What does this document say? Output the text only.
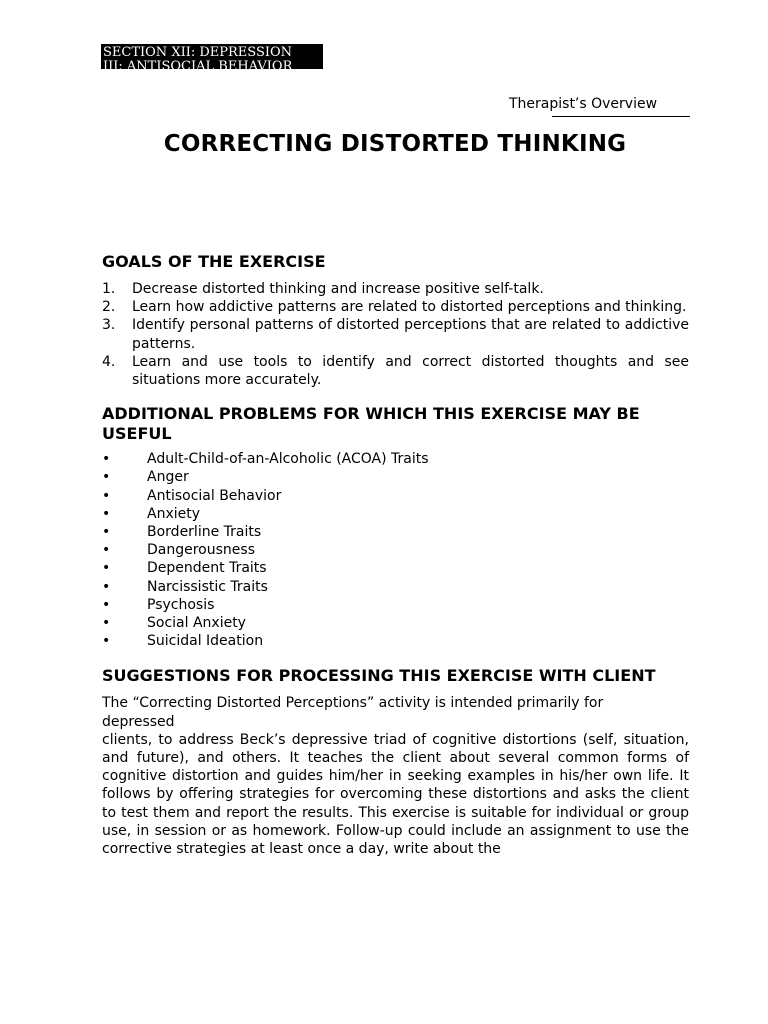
SECTION XII: DEPRESSION
III: ANTISOCIAL BEHAVIOR
Therapist’s Overview
CORRECTING DISTORTED THINKING
GOALS OF THE EXERCISE
1.	Decrease distorted thinking and increase positive self-talk.
2.	Learn how addictive patterns are related to distorted perceptions and thinking.
3.	Identify personal patterns of distorted perceptions that are related to addictive patterns.
4.	Learn and use tools to identify and correct distorted thoughts and see situations more accurately.
ADDITIONAL PROBLEMS FOR WHICH THIS EXERCISE MAY BE USEFUL
•	Adult-Child-of-an-Alcoholic (ACOA) Traits
•	Anger
•	Antisocial Behavior
•	Anxiety
•	Borderline Traits
•	Dangerousness
•	Dependent Traits
•	Narcissistic Traits
•	Psychosis
•	Social Anxiety
•	Suicidal Ideation
SUGGESTIONS FOR PROCESSING THIS EXERCISE WITH CLIENT

The “Correcting Distorted Perceptions” activity is intended primarily for
depressed
clients, to address Beck’s depressive triad of cognitive distortions (self, situation, and future), and others. It teaches the client about several common forms of cognitive distortion and guides him/her in seeking examples in his/her own life. It follows by offering strategies for overcoming these distortions and asks the client to test them and report the results. This exercise is suitable for individual or group use, in session or as homework. Follow-up could include an assignment to use the corrective strategies at least once a day, write about the
